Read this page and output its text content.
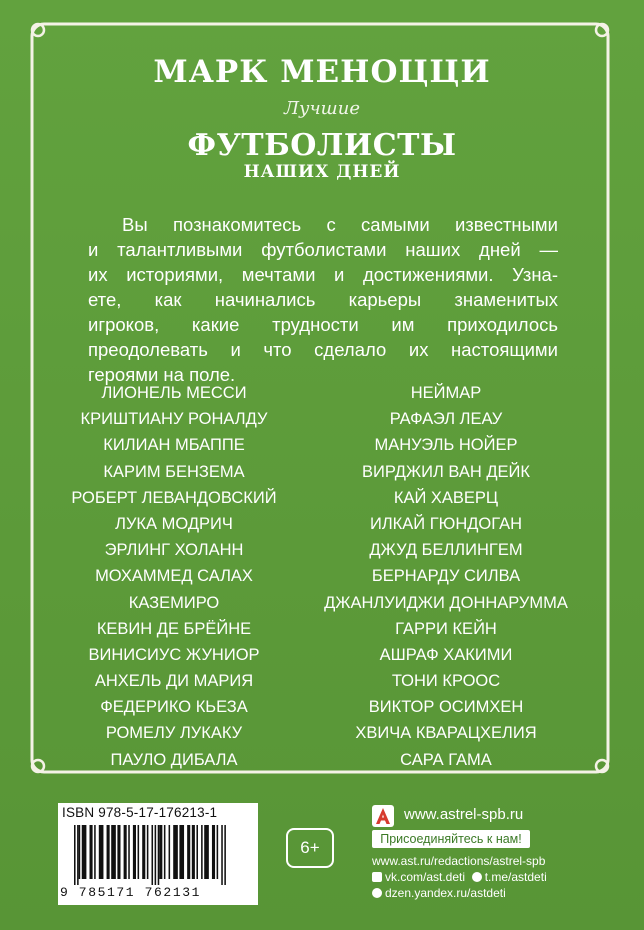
МАРК МЕНОЦЦИ
Лучшие
ФУТБОЛИСТЫ
НАШИХ ДНЕЙ
Вы познакомитесь с самыми известными
и талантливыми футболистами наших дней —
их историями, мечтами и достижениями. Узна-
ете, как начинались карьеры знаменитых
игроков, какие трудности им приходилось
преодолевать и что сделало их настоящими
героями на поле.
ЛИОНЕЛЬ МЕССИ
КРИШТИАНУ РОНАЛДУ
КИЛИАН МБАППЕ
КАРИМ БЕНЗЕМА
РОБЕРТ ЛЕВАНДОВСКИЙ
ЛУКА МОДРИЧ
ЭРЛИНГ ХОЛАНН
МОХАММЕД САЛАХ
КАЗЕМИРО
КЕВИН ДЕ БРЁЙНЕ
ВИНИСИУС ЖУНИОР
АНХЕЛЬ ДИ МАРИЯ
ФЕДЕРИКО КЬЕЗА
РОМЕЛУ ЛУКАКУ
ПАУЛО ДИБАЛА
НЕЙМАР
РАФАЭЛ ЛЕАУ
МАНУЭЛЬ НОЙЕР
ВИРДЖИЛ ВАН ДЕЙК
КАЙ ХАВЕРЦ
ИЛКАЙ ГЮНДОГАН
ДЖУД БЕЛЛИНГЕМ
БЕРНАРДУ СИЛВА
ДЖАНЛУИДЖИ ДОННАРУММА
ГАРРИ КЕЙН
АШРАФ ХАКИМИ
ТОНИ КРООС
ВИКТОР ОСИМХЕН
ХВИЧА КВАРАЦХЕЛИЯ
САРА ГАМА
ISBN 978-5-17-176213-1
9 785171 762131
6+
www.astrel-spb.ru
Присоединяйтесь к нам!
www.ast.ru/redactions/astrel-spb
vk.com/ast.deti t.me/astdeti
dzen.yandex.ru/astdeti
